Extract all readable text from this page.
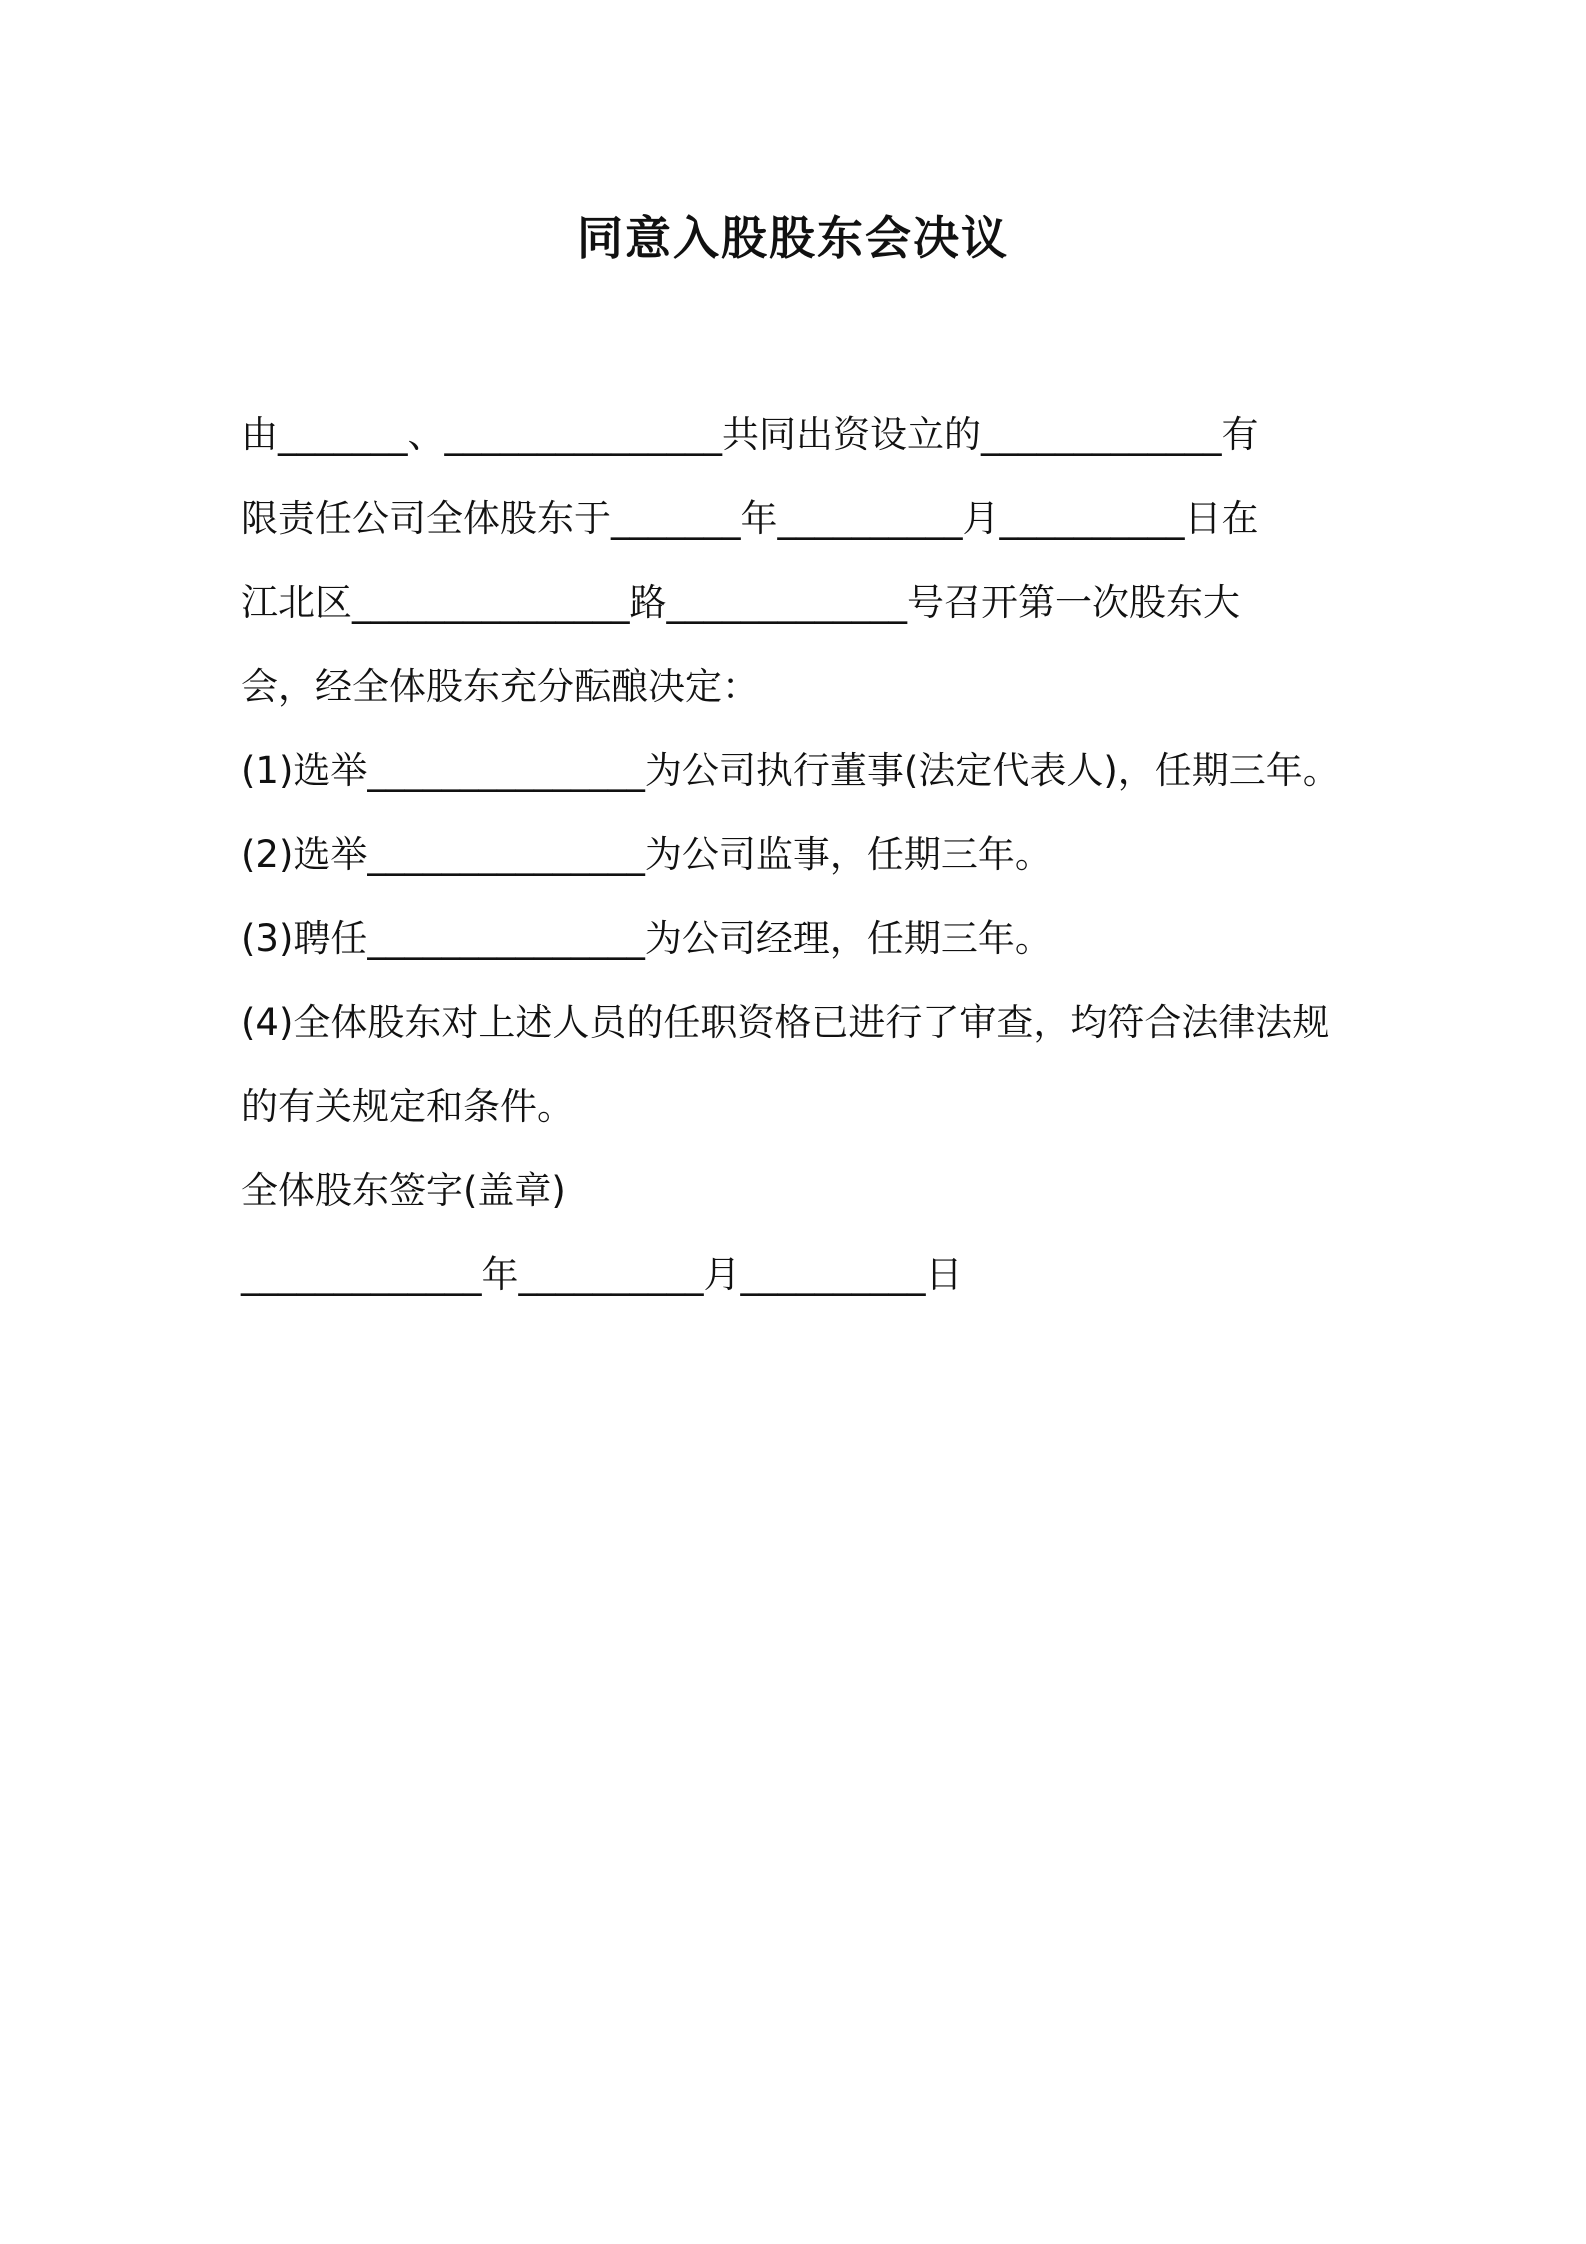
同意入股股东会决议
由_______、_______________共同出资设立的_____________有
限责任公司全体股东于_______年__________月__________日在
江北区_______________路_____________号召开第一次股东大
会，经全体股东充分酝酿决定：
(1)选举_______________为公司执行董事(法定代表人)，任期三年。
(2)选举_______________为公司监事，任期三年。
(3)聘任_______________为公司经理，任期三年。
(4)全体股东对上述人员的任职资格已进行了审查，均符合法律法规
的有关规定和条件。
全体股东签字(盖章)
_____________年__________月__________日
